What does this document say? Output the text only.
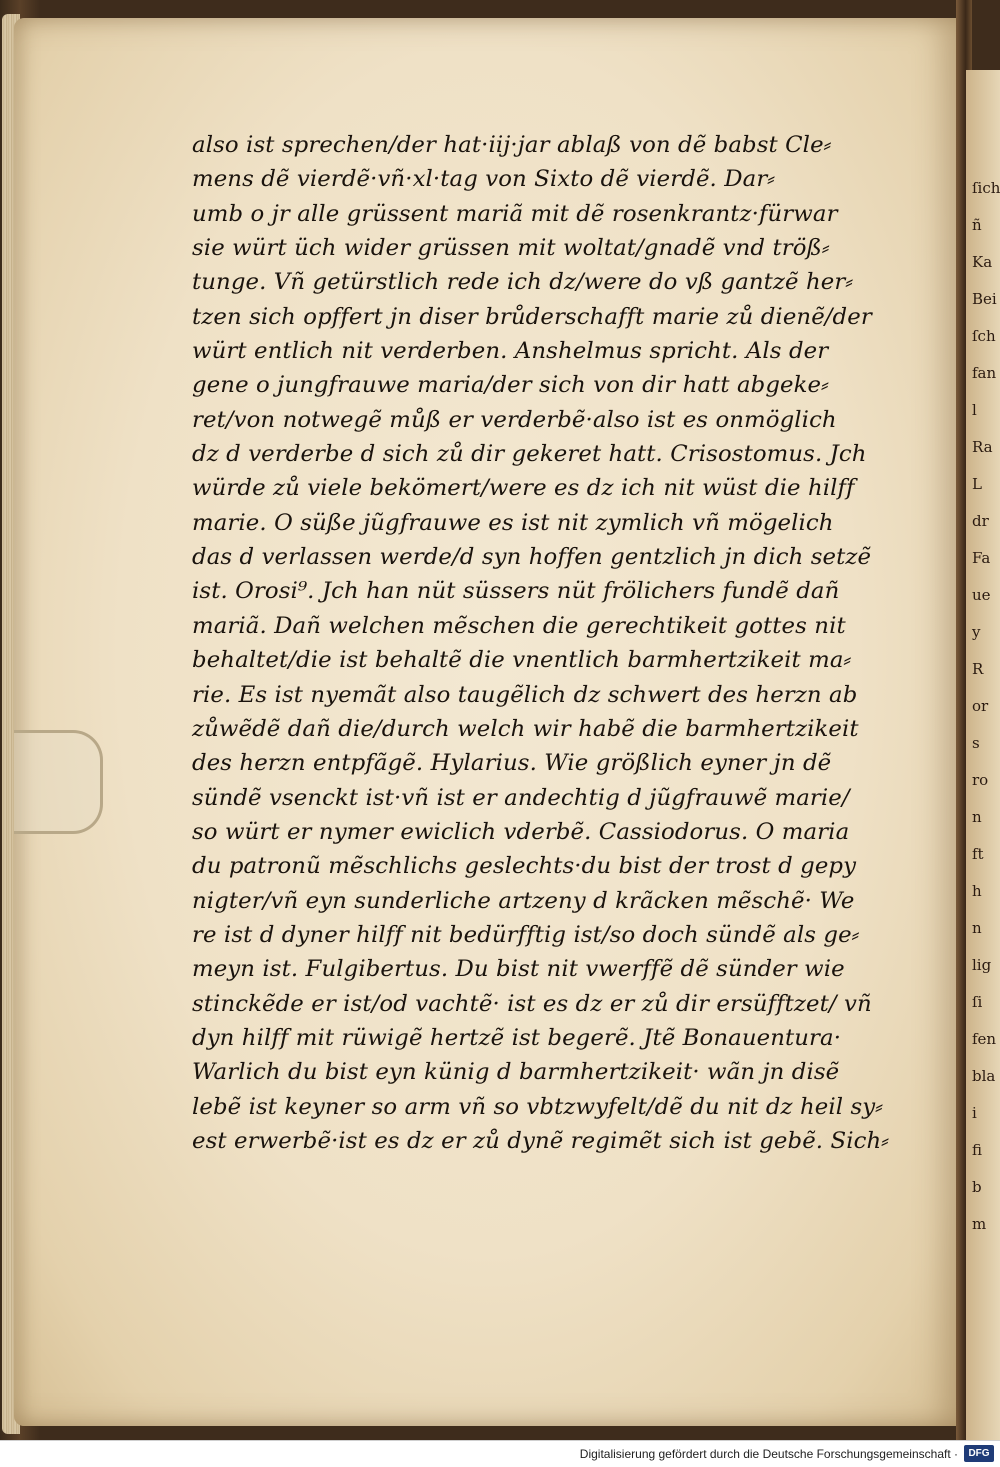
ſich
ñ
Ka
Bei
ſch
fan
l
Ra
L
dr
Fa
ue
y
R
or
s
ro
n
ft
h
n
lig
ſi
fen
bla
i
fi
b
m
also ist sprechen/der hat·iij·jar ablaß von dẽ babst Cle⸗
mens dẽ vierdẽ·vñ·xl·tag von Sixto dẽ vierdẽ. Dar⸗
umb o jr alle grüssent mariã mit dẽ rosenkrantz·fürwar
sie würt üch wider grüssen mit woltat/gnadẽ vnd tröß⸗
tunge. Vñ getürstlich rede ich dz/were do vß gantzẽ her⸗
tzen sich opffert jn diser brůderschafft marie zů dienẽ/der
würt entlich nit verderben. Anshelmus spricht. Als der
gene o jungfrauwe maria/der sich von dir hatt abgeke⸗
ret/von notwegẽ můß er verderbẽ·also ist es onmöglich
dz d verderbe d sich zů dir gekeret hatt. Crisostomus. Jch
würde zů viele bekömert/were es dz ich nit wüst die hilff
marie. O süße jũgfrauwe es ist nit zymlich vñ mögelich
das d verlassen werde/d syn hoffen gentzlich jn dich setzẽ
ist. Orosi⁹. Jch han nüt süssers nüt frölichers fundẽ dañ
mariã. Dañ welchen mẽschen die gerechtikeit gottes nit
behaltet/die ist behaltẽ die vnentlich barmhertzikeit ma⸗
rie. Es ist nyemãt also taugẽlich dz schwert des herzn ab
zůwẽdẽ dañ die/durch welch wir habẽ die barmhertzikeit
des herzn entpfãgẽ. Hylarius. Wie größlich eyner jn dẽ
sündẽ vsenckt ist·vñ ist er andechtig d jũgfrauwẽ marie/
so würt er nymer ewiclich vderbẽ. Cassiodorus. O maria
du patronũ mẽschlichs geslechts·du bist der trost d gepy
nigter/vñ eyn sunderliche artzeny d krãcken mẽschẽ· We
re ist d dyner hilff nit bedürfftig ist/so doch sündẽ als ge⸗
meyn ist. Fulgibertus. Du bist nit vwerffẽ dẽ sünder wie
stinckẽde er ist/od vachtẽ· ist es dz er zů dir ersüfftzet/ vñ
dyn hilff mit rüwigẽ hertzẽ ist begerẽ. Jtẽ Bonauentura·
Warlich du bist eyn künig d barmhertzikeit· wãn jn disẽ
lebẽ ist keyner so arm vñ so vbtzwyfelt/dẽ du nit dz heil sy⸗
est erwerbẽ·ist es dz er zů dynẽ regimẽt sich ist gebẽ. Sich⸗
Digitalisierung gefördert durch die Deutsche Forschungsgemeinschaft ·	DFG
